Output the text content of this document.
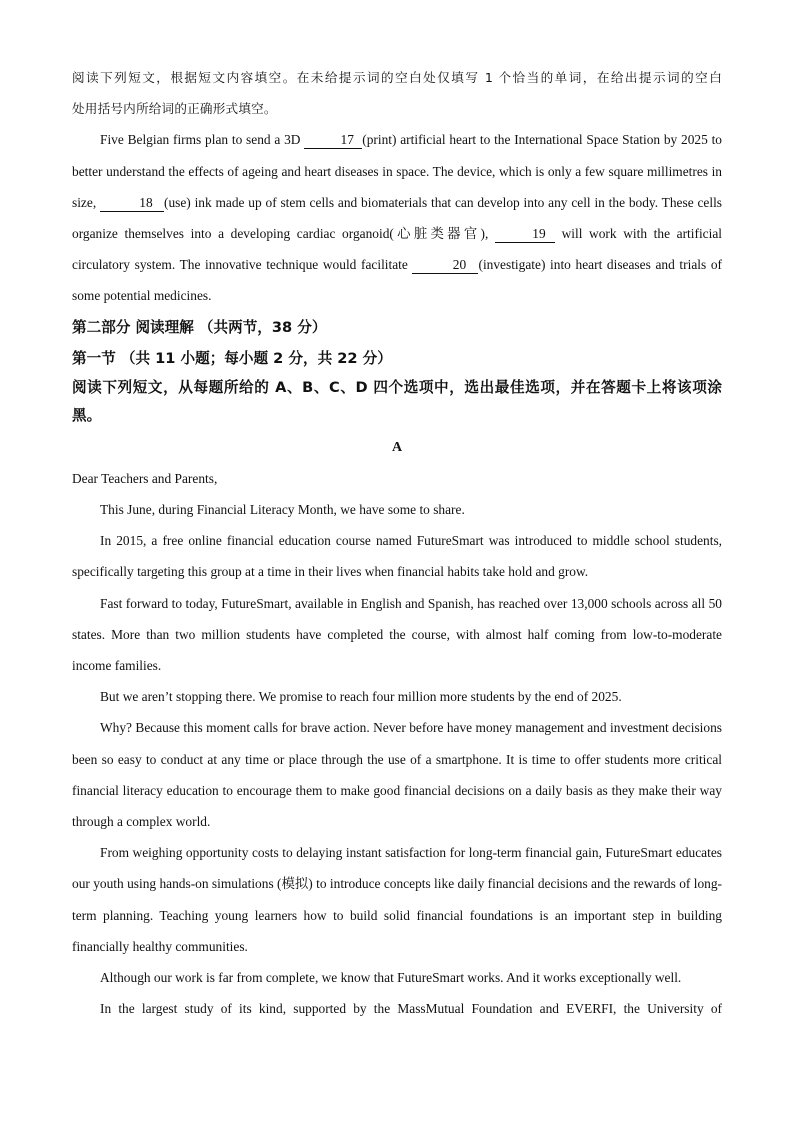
阅读下列短文，根据短文内容填空。在未给提示词的空白处仅填写 1 个恰当的单词，在给出提示词的空白

处用括号内所给词的正确形式填空。

Five Belgian firms plan to send a 3D	17 (print) artificial heart to the International Space Station by 2025 to better understand the effects of ageing and heart diseases in space. The device, which is only a few square millimetres in size,	18 (use) ink made up of stem cells and biomaterials that can develop into any cell in the body. These cells organize themselves into a developing cardiac organoid(心脏类器官),	19 will work with the artificial circulatory system. The innovative technique would facilitate	20 (investigate) into heart diseases and trials of some potential medicines.

第二部分 阅读理解 （共两节，38 分）

第一节 （共 11 小题；每小题 2 分，共 22 分）

阅读下列短文，从每题所给的 A、B、C、D 四个选项中，选出最佳选项，并在答题卡上将该项涂黑。

A

Dear Teachers and Parents,

This June, during Financial Literacy Month, we have some to share.

In 2015, a free online financial education course named FutureSmart was introduced to middle school students, specifically targeting this group at a time in their lives when financial habits take hold and grow.

Fast forward to today, FutureSmart, available in English and Spanish, has reached over 13,000 schools across all 50 states. More than two million students have completed the course, with almost half coming from low-to-moderate income families.

But we aren’t stopping there. We promise to reach four million more students by the end of 2025.

Why? Because this moment calls for brave action. Never before have money management and investment decisions been so easy to conduct at any time or place through the use of a smartphone. It is time to offer students more critical financial literacy education to encourage them to make good financial decisions on a daily basis as they make their way through a complex world.

From weighing opportunity costs to delaying instant satisfaction for long-term financial gain, FutureSmart educates our youth using hands-on simulations (模拟) to introduce concepts like daily financial decisions and the rewards of long-term planning. Teaching young learners how to build solid financial foundations is an important step in building financially healthy communities.

Although our work is far from complete, we know that FutureSmart works. And it works exceptionally well.

In the largest study of its kind, supported by the MassMutual Foundation and EVERFI, the University of
